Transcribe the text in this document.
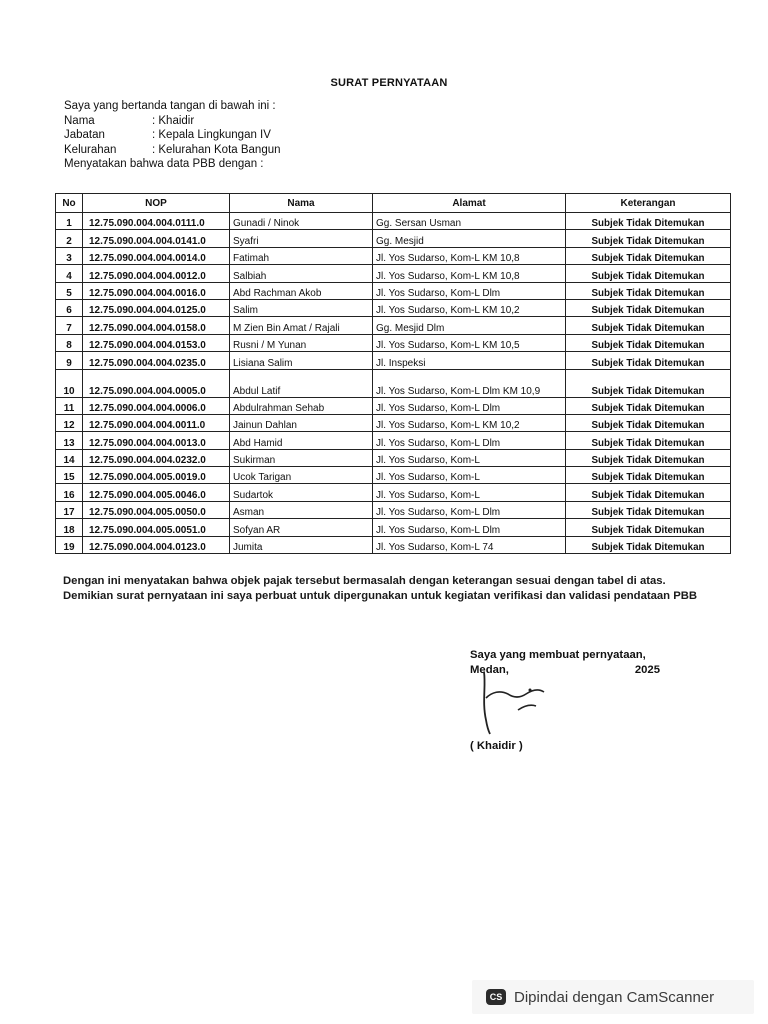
SURAT PERNYATAAN
Saya yang bertanda tangan di bawah ini :
Nama	: Khaidir
Jabatan	: Kepala Lingkungan IV
Kelurahan	: Kelurahan Kota Bangun
Menyatakan bahwa data PBB dengan :
No	NOP	Nama	Alamat	Keterangan
1	12.75.090.004.004.0111.0	Gunadi / Ninok	Gg. Sersan Usman	Subjek Tidak Ditemukan
2	12.75.090.004.004.0141.0	Syafri	Gg. Mesjid	Subjek Tidak Ditemukan
3	12.75.090.004.004.0014.0	Fatimah	Jl. Yos Sudarso, Kom-L KM 10,8	Subjek Tidak Ditemukan
4	12.75.090.004.004.0012.0	Salbiah	Jl. Yos Sudarso, Kom-L KM 10,8	Subjek Tidak Ditemukan
5	12.75.090.004.004.0016.0	Abd Rachman Akob	Jl. Yos Sudarso, Kom-L Dlm	Subjek Tidak Ditemukan
6	12.75.090.004.004.0125.0	Salim	Jl. Yos Sudarso, Kom-L KM 10,2	Subjek Tidak Ditemukan
7	12.75.090.004.004.0158.0	M Zien Bin Amat / Rajali	Gg. Mesjid Dlm	Subjek Tidak Ditemukan
8	12.75.090.004.004.0153.0	Rusni / M Yunan	Jl. Yos Sudarso, Kom-L KM 10,5	Subjek Tidak Ditemukan
9	12.75.090.004.004.0235.0	Lisiana Salim	Jl. Inspeksi	Subjek Tidak Ditemukan
10	12.75.090.004.004.0005.0	Abdul Latif	Jl. Yos Sudarso, Kom-L Dlm KM 10,9	Subjek Tidak Ditemukan
11	12.75.090.004.004.0006.0	Abdulrahman Sehab	Jl. Yos Sudarso, Kom-L Dlm	Subjek Tidak Ditemukan
12	12.75.090.004.004.0011.0	Jainun Dahlan	Jl. Yos Sudarso, Kom-L KM 10,2	Subjek Tidak Ditemukan
13	12.75.090.004.004.0013.0	Abd Hamid	Jl. Yos Sudarso, Kom-L Dlm	Subjek Tidak Ditemukan
14	12.75.090.004.004.0232.0	Sukirman	Jl. Yos Sudarso, Kom-L	Subjek Tidak Ditemukan
15	12.75.090.004.005.0019.0	Ucok Tarigan	Jl. Yos Sudarso, Kom-L	Subjek Tidak Ditemukan
16	12.75.090.004.005.0046.0	Sudartok	Jl. Yos Sudarso, Kom-L	Subjek Tidak Ditemukan
17	12.75.090.004.005.0050.0	Asman	Jl. Yos Sudarso, Kom-L Dlm	Subjek Tidak Ditemukan
18	12.75.090.004.005.0051.0	Sofyan AR	Jl. Yos Sudarso, Kom-L Dlm	Subjek Tidak Ditemukan
19	12.75.090.004.004.0123.0	Jumita	Jl. Yos Sudarso, Kom-L 74	Subjek Tidak Ditemukan
Dengan ini menyatakan bahwa objek pajak tersebut bermasalah dengan keterangan sesuai dengan tabel di atas.
Demikian surat pernyataan ini saya perbuat untuk dipergunakan untuk kegiatan verifikasi dan validasi pendataan PBB
Saya yang membuat pernyataan,
Medan,	2025
( Khaidir )
CS Dipindai dengan CamScanner
